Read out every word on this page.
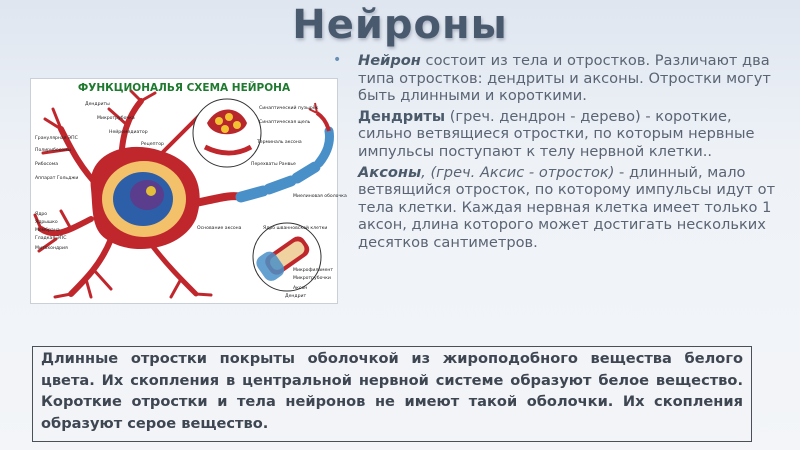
Нейроны
ФУНКЦИОНАЛЬЯ СХЕМА НЕЙРОНА
Дендриты
Микротрубочка
Нейромедиатор
Синаптический пузырёк
Синаптическая щель
Терминаль аксона
Рецептор
Гранулярная ЭПС
Полирибосомы
Рибосома
Аппарат Гольджи
Ядро
Ядрышко
Мембрана
Гладкая ЭПС
Митохондрия
Основание аксона
Перехваты Ранвье
Миелиновая оболочка
Ядро шванновской клетки
Микрофиламент
Микротрубочки
Аксон
Дендрит

• Нейрон состоит из тела и отростков. Различают два типа отростков: дендриты и аксоны. Отростки могут быть длинными и короткими.

Дендриты (греч. дендрон - дерево) - короткие, сильно ветвящиеся отростки, по которым нервные импульсы поступают к телу нервной клетки..

Аксоны, (греч. Аксис - отросток) - длинный, мало ветвящийся отросток, по которому импульсы идут от тела клетки. Каждая нервная клетка имеет только 1 аксон, длина которого может достигать нескольких десятков сантиметров.

Длинные отростки покрыты оболочкой из жироподобного вещества белого цвета. Их скопления в центральной нервной системе образуют белое вещество. Короткие отростки и тела нейронов не имеют такой оболочки. Их скопления образуют серое вещество.
